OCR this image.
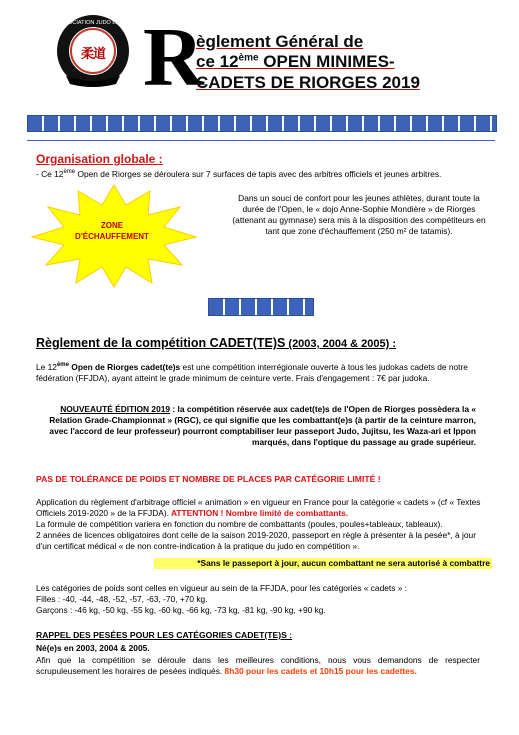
柔
道
ASSOCIATION JUDO LOIRE R
èglement Général de
ce 12ème OPEN MINIMES-
CADETS DE RIORGES 2019
Organisation globale :
- Ce 12ème Open de Riorges se déroulera sur 7 surfaces de tapis avec des arbitres officiels et jeunes arbitres.
ZONE D'ÉCHAUFFEMENT
Dans un souci de confort pour les jeunes athlètes, durant toute la durée de l'Open, le « dojo Anne-Sophie Mondière » de Riorges (attenant au gymnase) sera mis à la disposition des compétiteurs en tant que zone d'échauffement (250 m² de tatamis).
Règlement de la compétition CADET(TE)S (2003, 2004 & 2005) :
Le 12ème Open de Riorges cadet(te)s est une compétition interrégionale ouverte à tous les judokas cadets de notre fédération (FFJDA), ayant atteint le grade minimum de ceinture verte. Frais d'engagement : 7€ par judoka.
NOUVEAUTÉ ÉDITION 2019 : la compétition réservée aux cadet(te)s de l'Open de Riorges possèdera la « Relation Grade-Championnat » (RGC), ce qui signifie que les combattant(e)s (à partir de la ceinture marron, avec l'accord de leur professeur) pourront comptabiliser leur passeport Judo, Jujitsu, les Waza-ari et Ippon marqués, dans l'optique du passage au grade supérieur.
PAS DE TOLÉRANCE DE POIDS ET NOMBRE DE PLACES PAR CATÉGORIE LIMITÉ !
Application du règlement d'arbitrage officiel « animation » en vigueur en France pour la catégorie « cadets » (cf « Textes Officiels 2019-2020 » de la FFJDA). ATTENTION ! Nombre limité de combattants.
La formule de compétition variera en fonction du nombre de combattants (poules, poules+tableaux, tableaux).
2 années de licences obligatoires dont celle de la saison 2019-2020, passeport en règle à présenter à la pesée*, à jour d'un certificat médical « de non contre-indication à la pratique du judo en compétition ».
*Sans le passeport à jour, aucun combattant ne sera autorisé à combattre
Les catégories de poids sont celles en vigueur au sein de la FFJDA, pour les catégories « cadets » :
Filles : -40, -44, -48, -52, -57, -63, -70, +70 kg.
Garçons : -46 kg, -50 kg, -55 kg, -60 kg, -66 kg, -73 kg, -81 kg, -90 kg, +90 kg.
RAPPEL DES PESÉES POUR LES CATÉGORIES CADET(TE)S :
Né(e)s en 2003, 2004 & 2005.
Afin que la compétition se déroule dans les meilleures conditions, nous vous demandons de respecter scrupuleusement les horaires de pesées indiqués. 8h30 pour les cadets et 10h15 pour les cadettes.
